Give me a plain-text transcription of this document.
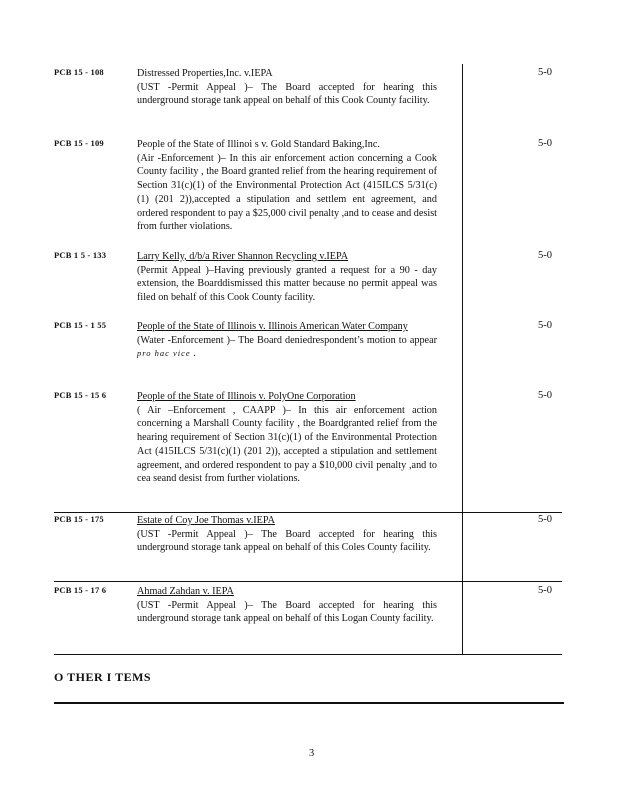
PCB 15 - 108	Distressed Properties,Inc. v.IEPA
(UST -Permit Appeal )– The Board accepted for hearing this underground storage tank appeal on behalf of this Cook County facility.
5-0
PCB 15 - 109	People of the State of Illinoi s v. Gold Standard Baking,Inc.
(Air -Enforcement )– In this air enforcement action concerning a Cook County facility , the Board granted relief from the hearing requirement of Section 31(c)(1) of the Environmental Protection Act (415ILCS 5/31(c)(1) (201 2)),accepted a stipulation and settlem ent agreement, and ordered respondent to pay a $25,000 civil penalty ,and to cease and desist from further violations.
5-0
PCB 1 5 - 133	Larry Kelly, d/b/a River Shannon Recycling v.IEPA
(Permit Appeal )–Having previously granted a request for a 90 - day extension, the Boarddismissed this matter because no permit appeal was filed on behalf of this Cook County facility.
5-0
PCB 15 - 1 55	People of the State of Illinois v. Illinois American Water Company
(Water -Enforcement )– The Board deniedrespondent’s motion to appear pro hac vice .
5-0
PCB 15 - 15 6	People of the State of Illinois v. PolyOne Corporation
( Air –Enforcement , CAAPP )– In this air enforcement action concerning a Marshall County facility , the Boardgranted relief from the hearing requirement of Section 31(c)(1) of the Environmental Protection Act (415ILCS 5/31(c)(1) (201 2)), accepted a stipulation and settlement agreement, and ordered respondent to pay a $10,000 civil penalty ,and to cea seand desist from further violations.
5-0
PCB 15 - 175	Estate of Coy Joe Thomas v.IEPA
(UST -Permit Appeal )– The Board accepted for hearing this underground storage tank appeal on behalf of this Coles County facility.
5-0
PCB 15 - 17 6	Ahmad Zahdan v. IEPA
(UST -Permit Appeal )– The Board accepted for hearing this underground storage tank appeal on behalf of this Logan County facility.
5-0
O THER I TEMS
3
